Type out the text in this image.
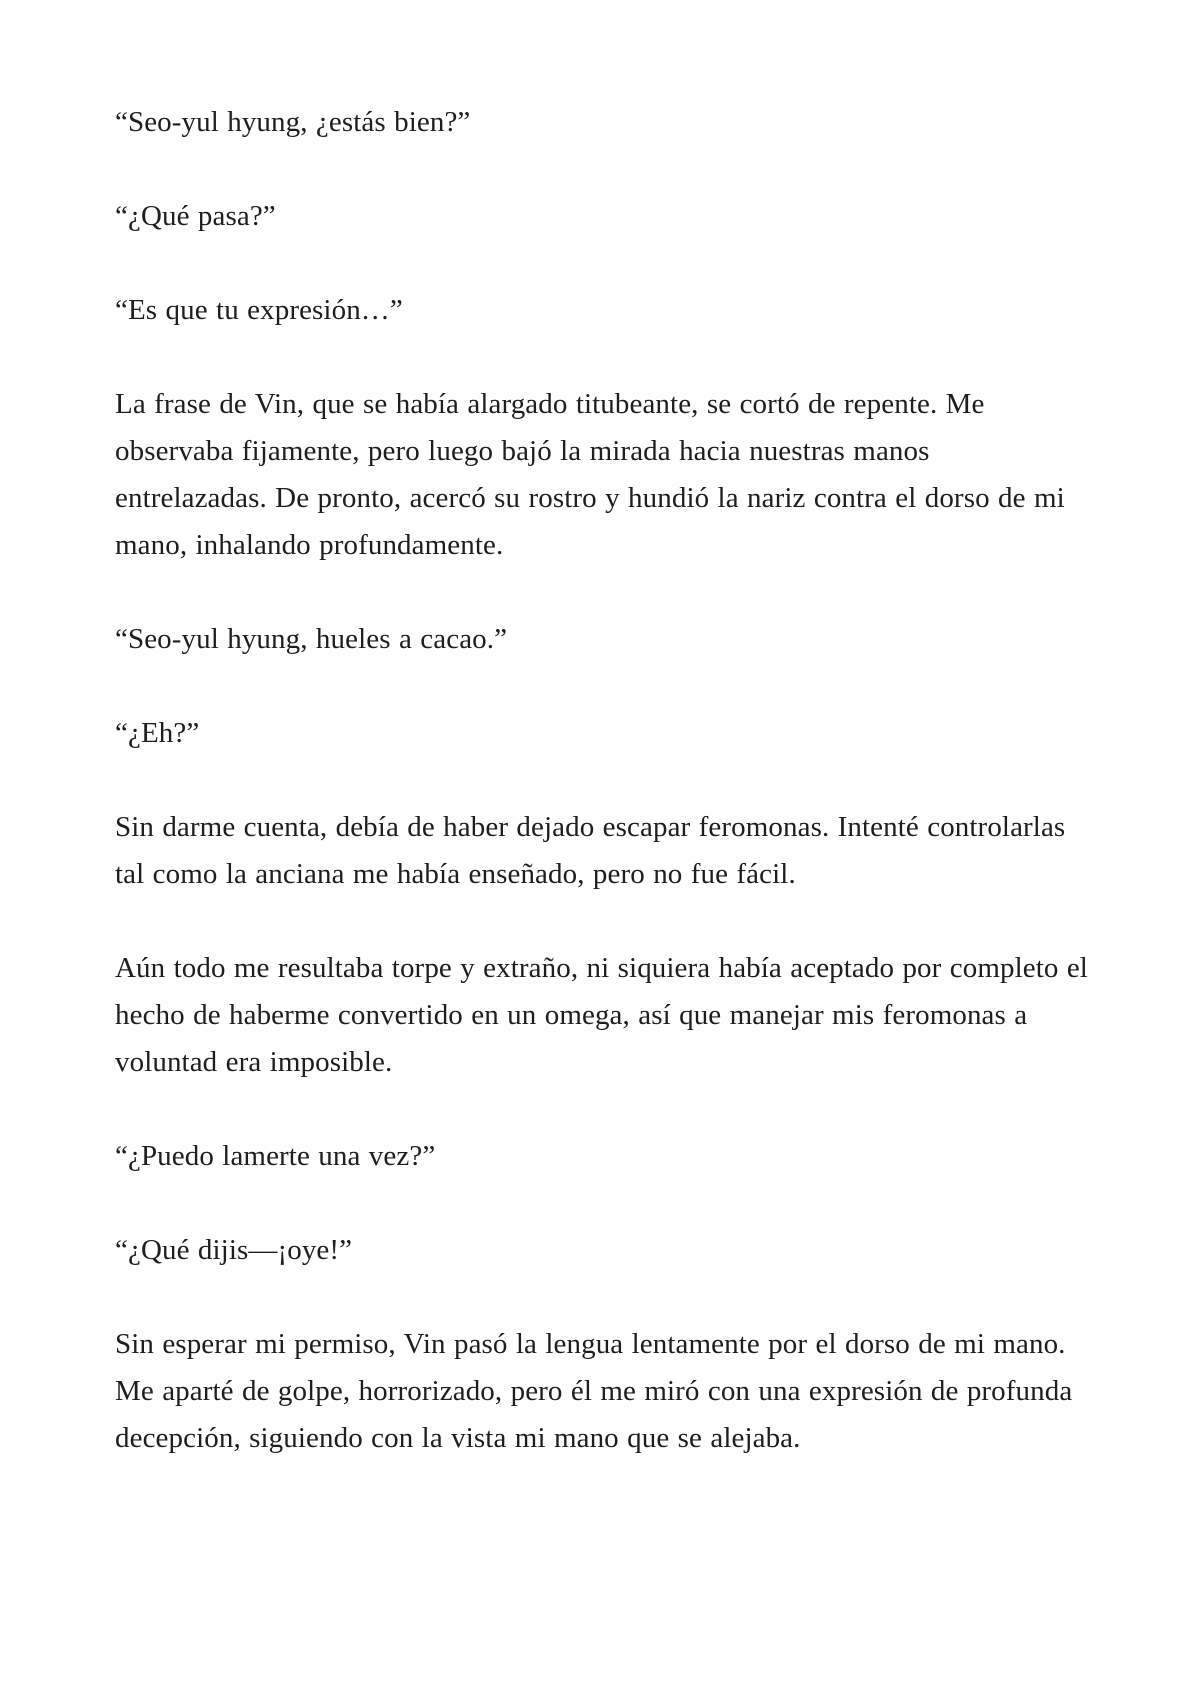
“Seo-yul hyung, ¿estás bien?”

“¿Qué pasa?”

“Es que tu expresión…”

La frase de Vin, que se había alargado titubeante, se cortó de repente. Me observaba fijamente, pero luego bajó la mirada hacia nuestras manos entrelazadas. De pronto, acercó su rostro y hundió la nariz contra el dorso de mi mano, inhalando profundamente.

“Seo-yul hyung, hueles a cacao.”

“¿Eh?”

Sin darme cuenta, debía de haber dejado escapar feromonas. Intenté controlarlas tal como la anciana me había enseñado, pero no fue fácil.

Aún todo me resultaba torpe y extraño, ni siquiera había aceptado por completo el hecho de haberme convertido en un omega, así que manejar mis feromonas a voluntad era imposible.

“¿Puedo lamerte una vez?”

“¿Qué dijis—¡oye!”

Sin esperar mi permiso, Vin pasó la lengua lentamente por el dorso de mi mano. Me aparté de golpe, horrorizado, pero él me miró con una expresión de profunda decepción, siguiendo con la vista mi mano que se alejaba.
